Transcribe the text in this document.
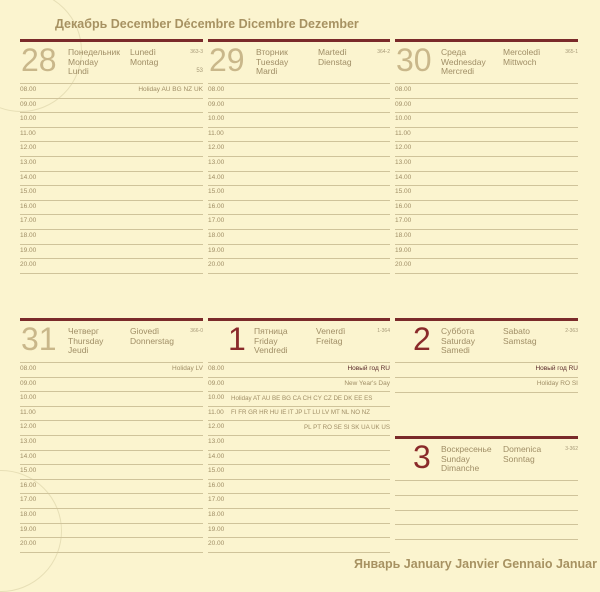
Декабрь December Décembre Dicembre Dezember
28 Понедельник
Monday
Lundi
Lunedì
Montag
363-3
53
Holiday AU BG NZ UK
08.00
09.00
10.00
11.00
12.00
13.00
14.00
15.00
16.00
17.00
18.00
19.00
20.00
29 Вторник
Tuesday
Mardi
Martedì
Dienstag
364-2
08.00
09.00
10.00
11.00
12.00
13.00
14.00
15.00
16.00
17.00
18.00
19.00
20.00
30 Среда
Wednesday
Mercredi
Mercoledì
Mittwoch
365-1
08.00
09.00
10.00
11.00
12.00
13.00
14.00
15.00
16.00
17.00
18.00
19.00
20.00
31 Четверг
Thursday
Jeudi
Giovedì
Donnerstag
366-0
Holiday LV
08.00
09.00
10.00
11.00
12.00
13.00
14.00
15.00
16.00
17.00
18.00
19.00
20.00
1 Пятница
Friday
Vendredi
Venerdì
Freitag
1-364
Новый год RU
New Year's Day
Holiday AT AU BE BG CA CH CY CZ DE DK EE ES
FI FR GR HR HU IE IT JP LT LU LV MT NL NO NZ
PL PT RO SE SI SK UA UK US
08.00
09.00
10.00
11.00
12.00
13.00
14.00
15.00
16.00
17.00
18.00
19.00
20.00
2 Суббота
Saturday
Samedi
Sabato
Samstag
2-363
Новый год RU
Holiday RO SI
3 Воскресенье
Sunday
Dimanche
Domenica
Sonntag
3-362
Январь January Janvier Gennaio Januar
